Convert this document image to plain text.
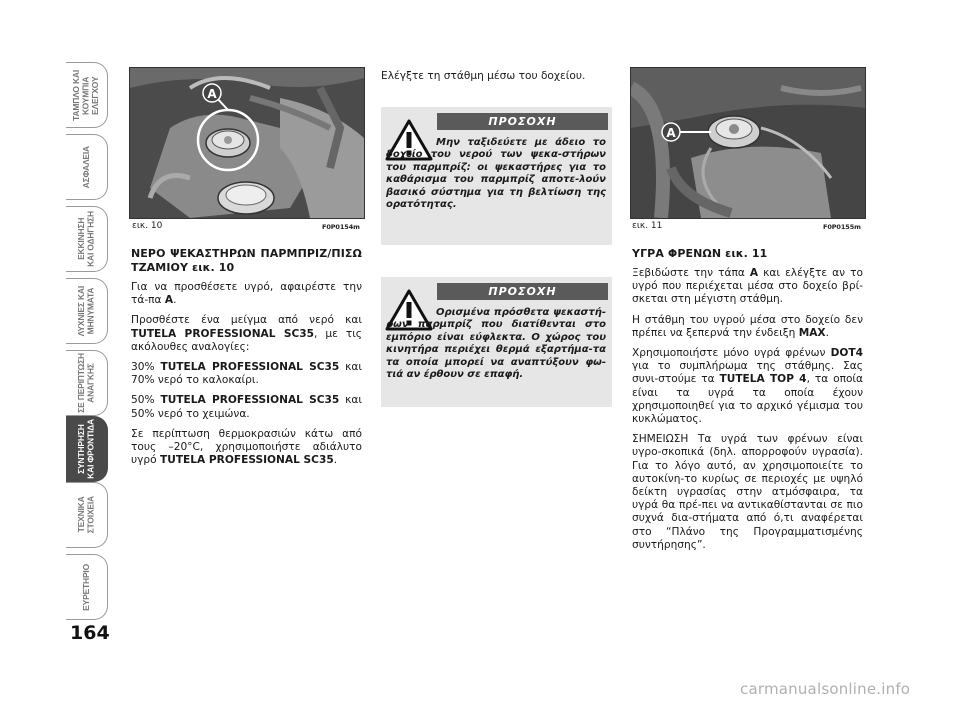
ΤΑΜΠΛΟ ΚΑΙ
ΚΟΥΜΠΙΑ
ΕΛΕΓΧΟΥ
ΑΣΦΑΛΕΙΑ
ΕΚΚΙΝΗΣΗ
ΚΑΙ ΟΔΗΓΗΣΗ
ΛΥΧΝΙΕΣ ΚΑΙ
ΜΗΝΥΜΑΤΑ
ΣΕ ΠΕΡΙΠΤΩΣΗ
ΑΝΑΓΚΗΣ
ΣΥΝΤΗΡΗΣΗ
ΚΑΙ ΦΡΟΝΤΙΔΑ
ΤΕΧΝΙΚΑ
ΣΤΟΙΧΕΙΑ
ΕΥΡΕΤΗΡΙΟ
164
A
εικ. 10	F0P0154m
A
εικ. 11	F0P0155m

ΝΕΡΟ ΨΕΚΑΣΤΗΡΩΝ ΠΑΡΜΠΡΙΖ/ΠΙΣΩ ΤΖΑΜΙΟΥ εικ. 10

Για να προσθέσετε υγρό, αφαιρέστε την τά-πα A.

Προσθέστε ένα μείγμα από νερό και TUTELA PROFESSIONAL SC35, με τις ακόλουθες αναλογίες:

30% TUTELA PROFESSIONAL SC35 και 70% νερό το καλοκαίρι.

50% TUTELA PROFESSIONAL SC35 και 50% νερό το χειμώνα.

Σε περίπτωση θερμοκρασιών κάτω από τους –20°C, χρησιμοποιήστε αδιάλυτο υγρό TUTELA PROFESSIONAL SC35.

Ελέγξτε τη στάθμη μέσω του δοχείου.

ΠΡΟΣΟΧΗ
Μην ταξιδεύετε με άδειο το δοχείο του νερού των ψεκα-στήρων του παρμπρίζ: οι ψεκαστήρες για το καθάρισμα του παρμπρίζ αποτε-λούν βασικό σύστημα για τη βελτίωση της ορατότητας.
ΠΡΟΣΟΧΗ
Ορισμένα πρόσθετα ψεκαστή-ρων παρμπρίζ που διατίθενται στο εμπόριο είναι εύφλεκτα. Ο χώρος του κινητήρα περιέχει θερμά εξαρτήμα-τα τα οποία μπορεί να αναπτύξουν φω-τιά αν έρθουν σε επαφή.

ΥΓΡΑ ΦΡΕΝΩΝ εικ. 11

Ξεβιδώστε την τάπα A και ελέγξτε αν το υγρό που περιέχεται μέσα στο δοχείο βρί-σκεται στη μέγιστη στάθμη.

Η στάθμη του υγρού μέσα στο δοχείο δεν πρέπει να ξεπερνά την ένδειξη MAX.

Χρησιμοποιήστε μόνο υγρά φρένων DOT4 για το συμπλήρωμα της στάθμης. Σας συνι-στούμε τα TUTELA TOP 4, τα οποία είναι τα υγρά τα οποία έχουν χρησιμοποιηθεί για το αρχικό γέμισμα του κυκλώματος.

ΣΗΜΕΙΩΣΗ Τα υγρά των φρένων είναι υγρο-σκοπικά (δηλ. απορροφούν υγρασία). Για το λόγο αυτό, αν χρησιμοποιείτε το αυτοκίνη-το κυρίως σε περιοχές με υψηλό δείκτη υγρασίας στην ατμόσφαιρα, τα υγρά θα πρέ-πει να αντικαθίστανται σε πιο συχνά δια-στήματα από ό,τι αναφέρεται στο “Πλάνο της Προγραμματισμένης συντήρησης”.

carmanualsonline.info
